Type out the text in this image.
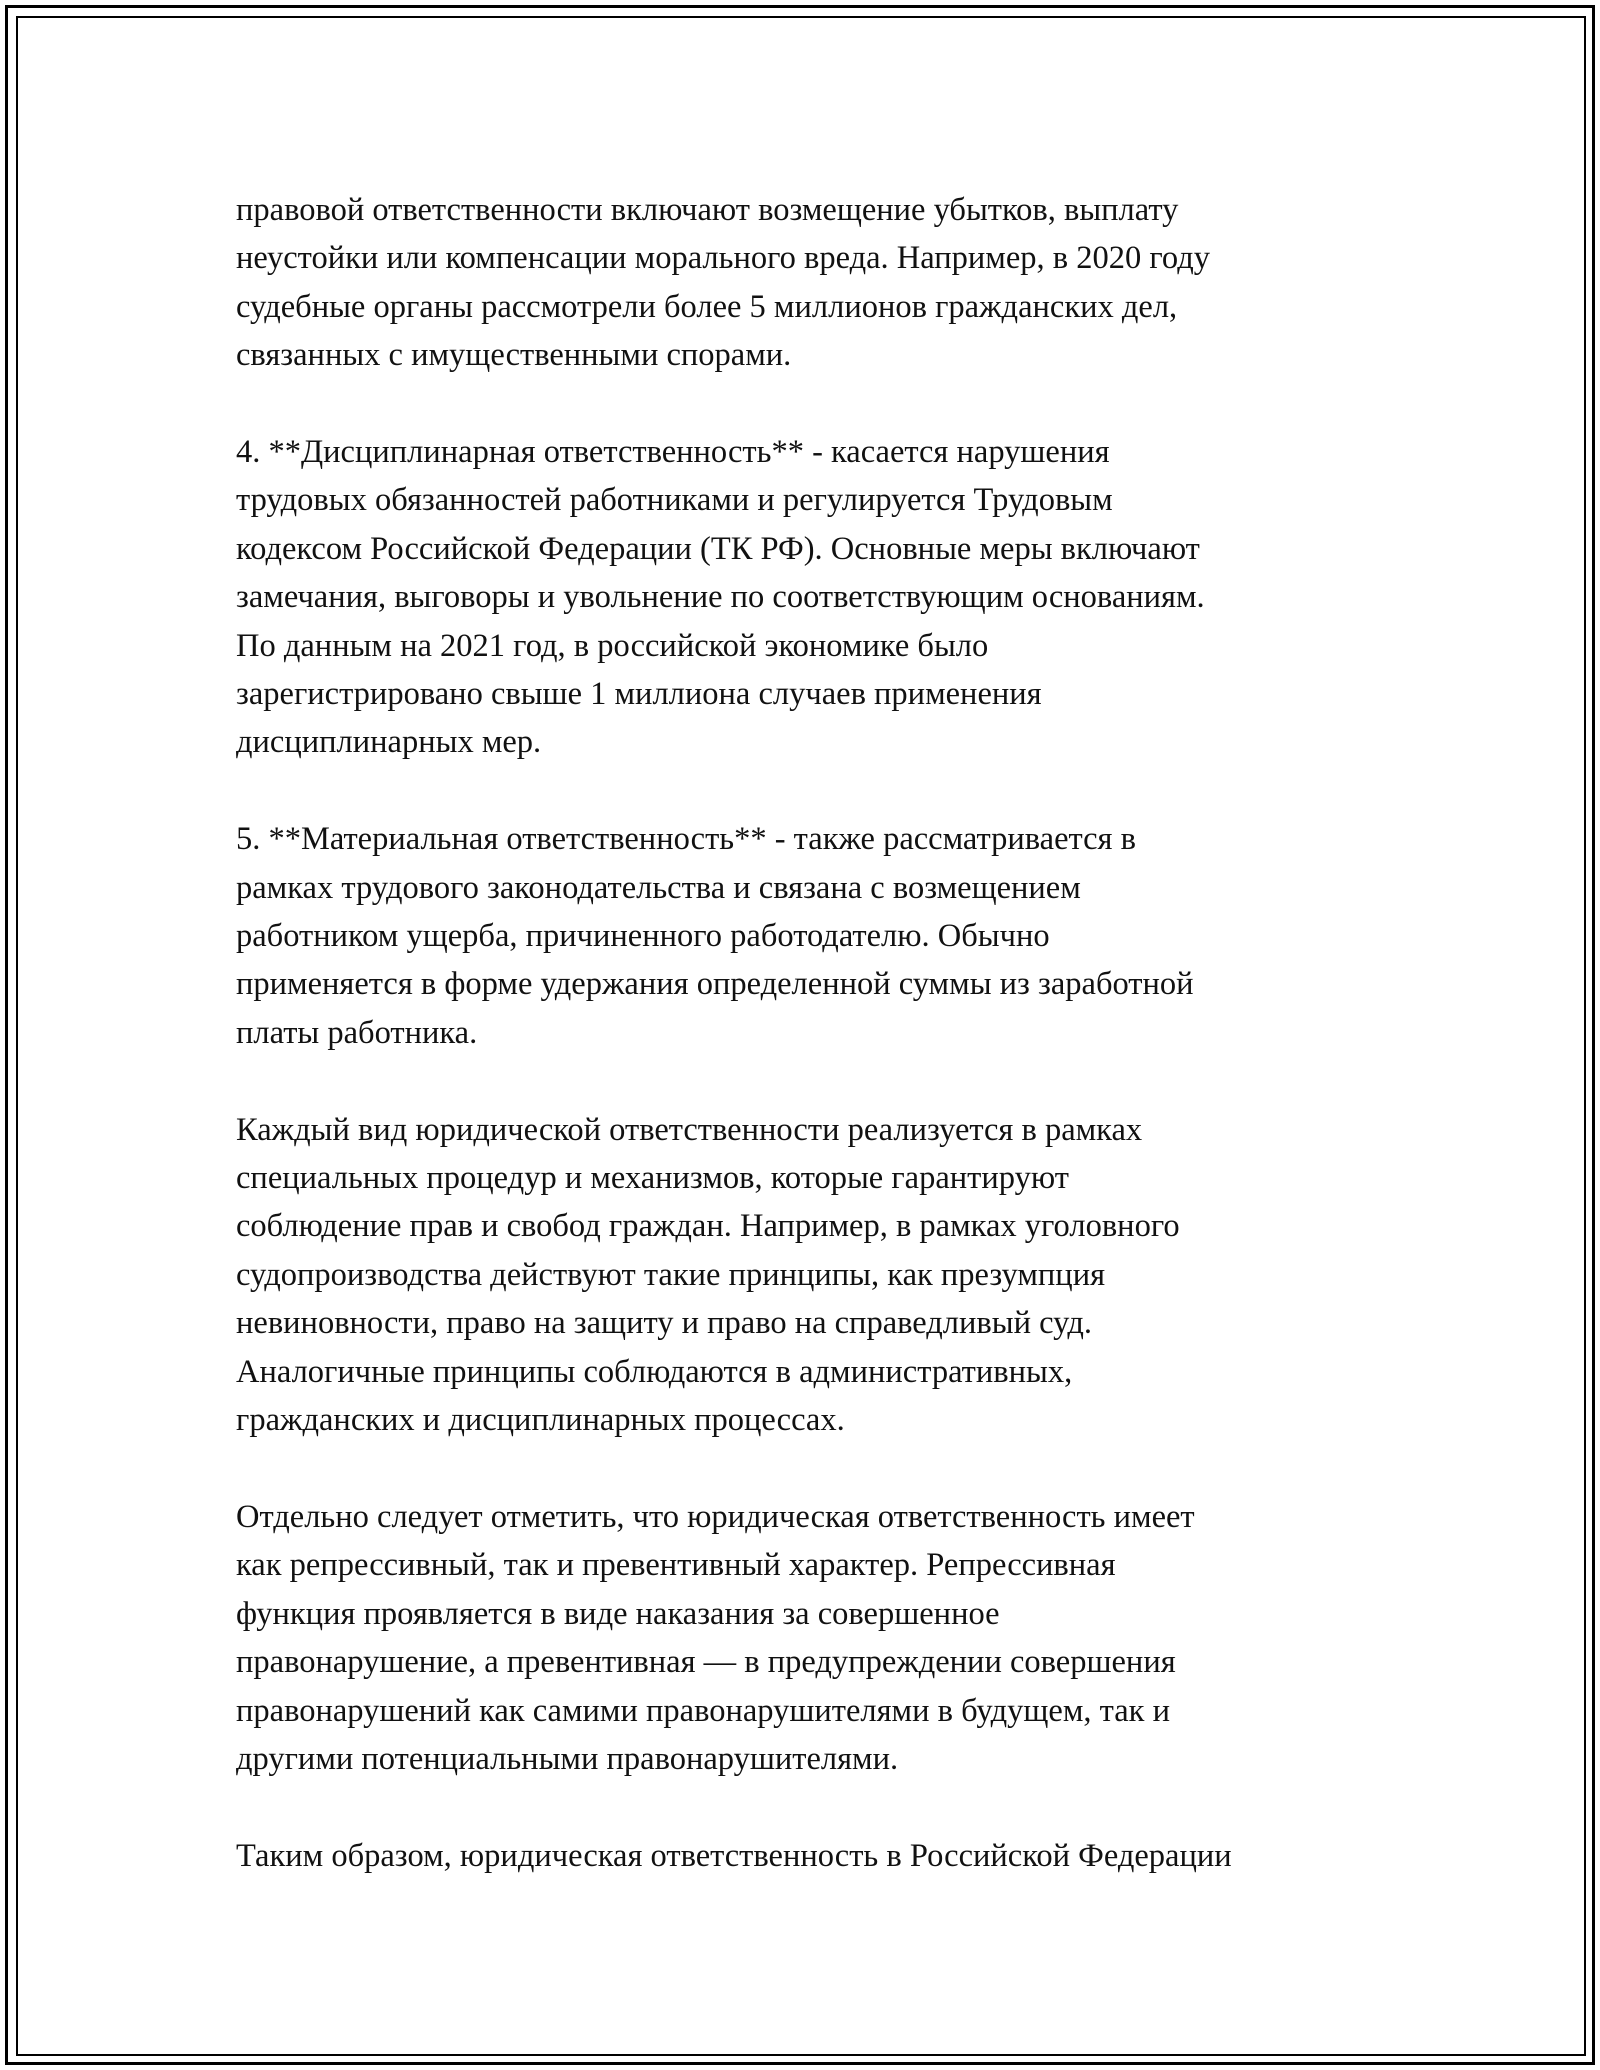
правовой ответственности включают возмещение убытков, выплату
неустойки или компенсации морального вреда. Например, в 2020 году
судебные органы рассмотрели более 5 миллионов гражданских дел,
связанных с имущественными спорами.

4. **Дисциплинарная ответственность** - касается нарушения
трудовых обязанностей работниками и регулируется Трудовым
кодексом Российской Федерации (ТК РФ). Основные меры включают
замечания, выговоры и увольнение по соответствующим основаниям.
По данным на 2021 год, в российской экономике было
зарегистрировано свыше 1 миллиона случаев применения
дисциплинарных мер.

5. **Материальная ответственность** - также рассматривается в
рамках трудового законодательства и связана с возмещением
работником ущерба, причиненного работодателю. Обычно
применяется в форме удержания определенной суммы из заработной
платы работника.

Каждый вид юридической ответственности реализуется в рамках
специальных процедур и механизмов, которые гарантируют
соблюдение прав и свобод граждан. Например, в рамках уголовного
судопроизводства действуют такие принципы, как презумпция
невиновности, право на защиту и право на справедливый суд.
Аналогичные принципы соблюдаются в административных,
гражданских и дисциплинарных процессах.

Отдельно следует отметить, что юридическая ответственность имеет
как репрессивный, так и превентивный характер. Репрессивная
функция проявляется в виде наказания за совершенное
правонарушение, а превентивная — в предупреждении совершения
правонарушений как самими правонарушителями в будущем, так и
другими потенциальными правонарушителями.

Таким образом, юридическая ответственность в Российской Федерации
